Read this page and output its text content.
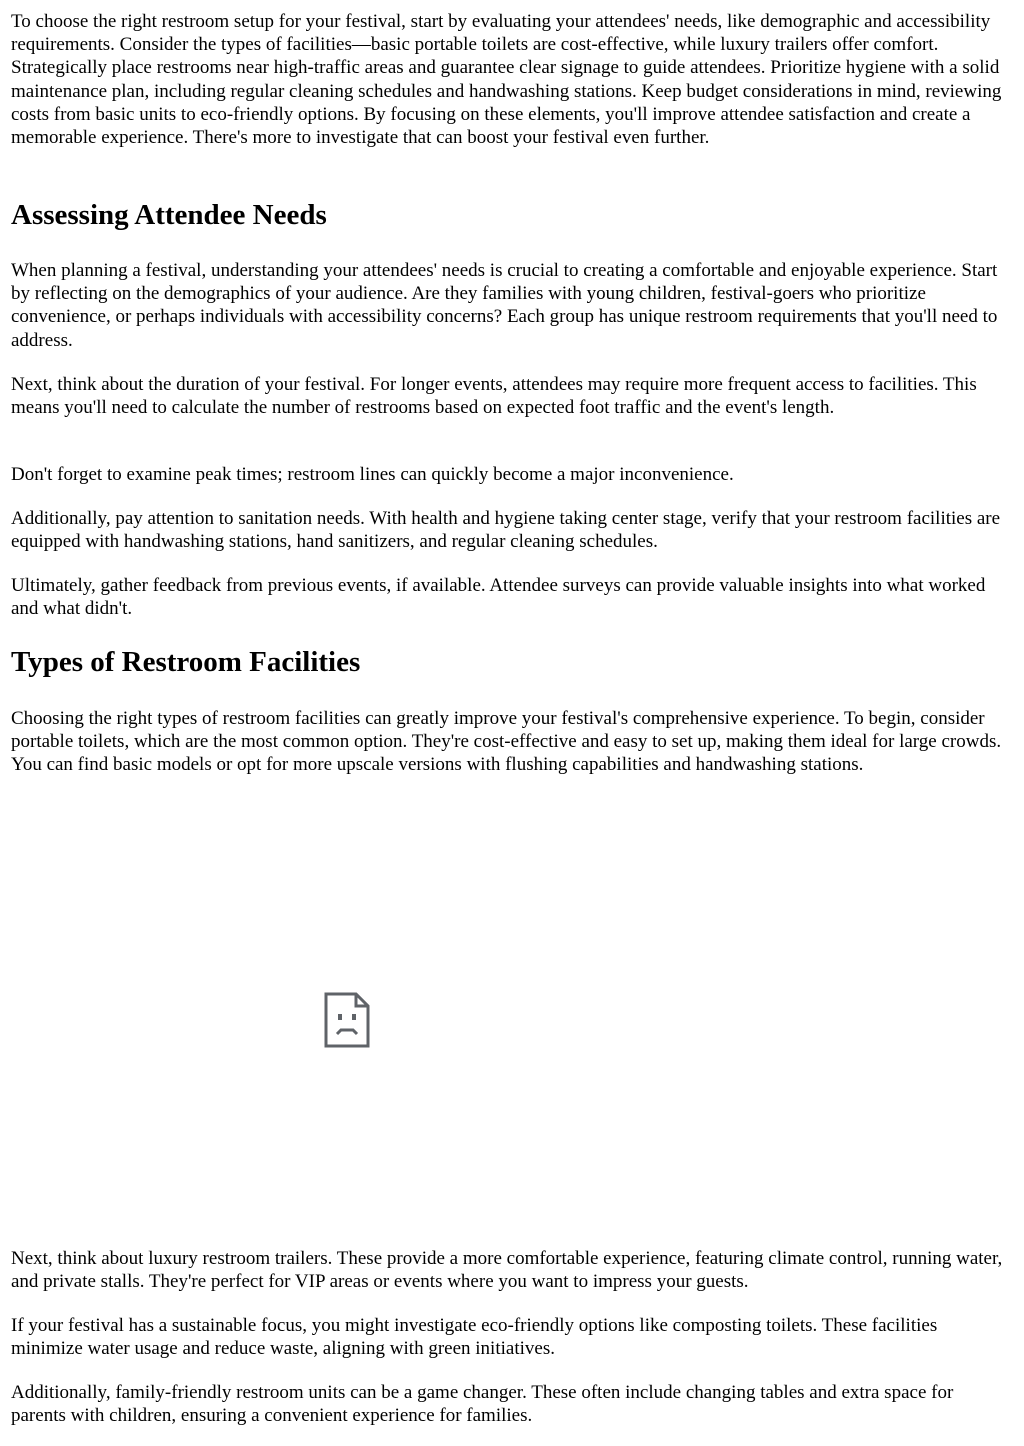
To choose the right restroom setup for your festival, start by evaluating your attendees' needs, like demographic and accessibility requirements. Consider the types of facilities—basic portable toilets are cost-effective, while luxury trailers offer comfort. Strategically place restrooms near high-traffic areas and guarantee clear signage to guide attendees. Prioritize hygiene with a solid maintenance plan, including regular cleaning schedules and handwashing stations. Keep budget considerations in mind, reviewing costs from basic units to eco-friendly options. By focusing on these elements, you'll improve attendee satisfaction and create a memorable experience. There's more to investigate that can boost your festival even further.

Assessing Attendee Needs

When planning a festival, understanding your attendees' needs is crucial to creating a comfortable and enjoyable experience. Start by reflecting on the demographics of your audience. Are they families with young children, festival-goers who prioritize convenience, or perhaps individuals with accessibility concerns? Each group has unique restroom requirements that you'll need to address.

Next, think about the duration of your festival. For longer events, attendees may require more frequent access to facilities. This means you'll need to calculate the number of restrooms based on expected foot traffic and the event's length.

Don't forget to examine peak times; restroom lines can quickly become a major inconvenience.

Additionally, pay attention to sanitation needs. With health and hygiene taking center stage, verify that your restroom facilities are equipped with handwashing stations, hand sanitizers, and regular cleaning schedules.

Ultimately, gather feedback from previous events, if available. Attendee surveys can provide valuable insights into what worked and what didn't.

Types of Restroom Facilities

Choosing the right types of restroom facilities can greatly improve your festival's comprehensive experience. To begin, consider portable toilets, which are the most common option. They're cost-effective and easy to set up, making them ideal for large crowds. You can find basic models or opt for more upscale versions with flushing capabilities and handwashing stations.

Next, think about luxury restroom trailers. These provide a more comfortable experience, featuring climate control, running water, and private stalls. They're perfect for VIP areas or events where you want to impress your guests.

If your festival has a sustainable focus, you might investigate eco-friendly options like composting toilets. These facilities minimize water usage and reduce waste, aligning with green initiatives.

Additionally, family-friendly restroom units can be a game changer. These often include changing tables and extra space for parents with children, ensuring a convenient experience for families.
